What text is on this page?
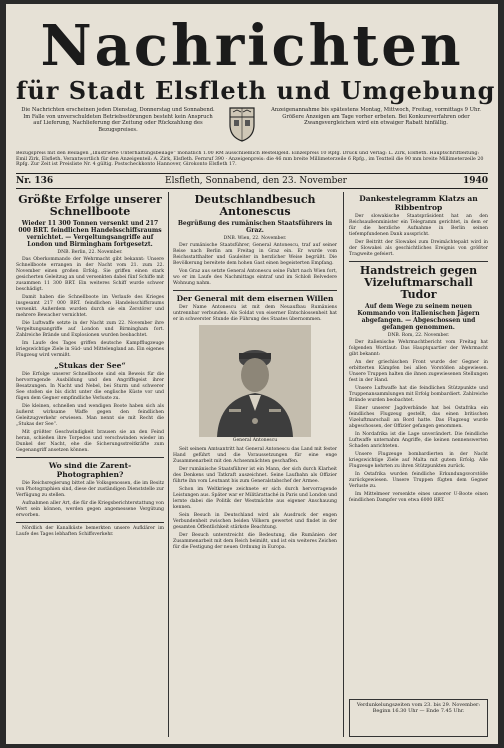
Nachrichten
für Stadt Elsfleth und Umgebung
Die Nachrichten erscheinen jeden Dienstag, Donnerstag und Sonnabend. Im Falle von unverschuldeten Betriebsstörungen besteht kein Anspruch auf Lieferung, Nachlieferung der Zeitung oder Rückzahlung des Bezugspreises.
Anzeigenannahme bis spätestens Montag, Mittwoch, Freitag, vormittags 9 Uhr. Größere Anzeigen am Tage vorher erbeten. Bei Konkursverfahren oder Zwangsvergleichen wird ein etwaiger Rabatt hinfällig.
Bezugspreis mit den Beilagen „Illustrierte Unterhaltungsbeilage“ monatlich 1.00 RM ausschließlich Bestellgeld. Einzelpreis 10 Rpfg. Druck und Verlag: L. Zirk, Elsfleth. Hauptschriftleitung: Emil Zirk, Elsfleth. Verantwortlich für den Anzeigenteil: A. Zirk, Elsfleth. Fernruf 390 · Anzeigenpreis: die 46 mm breite Millimeterzeile 6 Rpfg., im Textteil die 90 mm breite Millimeterzeile 20 Rpfg. Zur Zeit ist Preisliste Nr. 4 gültig. Postscheckkonto Hannover, Girokonto Elsfleth 17.
Nr. 136	Elsfleth, Sonnabend, den 23. November	1940
Größte Erfolge unserer Schnellboote
Wieder 11 300 Tonnen versenkt und 217 000 BRT. feindlichen Handelsschiffsraums vernichtet. — Vergeltungsangriffe auf London und Birmingham fortgesetzt.
DNB. Berlin, 22. November.

Das Oberkommando der Wehrmacht gibt bekannt: Unsere Schnellboote errangen in der Nacht vom 21. zum 22. November einen großen Erfolg. Sie griffen einen stark gesicherten Geleitzug an und versenkten dabei fünf Schiffe mit zusammen 11 300 BRT. Ein weiteres Schiff wurde schwer beschädigt.

Damit haben die Schnellboote im Verlaufe des Krieges insgesamt 217 000 BRT. feindlichen Handelsschiffsraums versenkt. Außerdem wurden durch sie ein Zerstörer und mehrere Bewacher vernichtet.

Die Luftwaffe setzte in der Nacht zum 22. November ihre Vergeltungsangriffe auf London und Birmingham fort. Zahlreiche Brände und Explosionen wurden beobachtet.

Im Laufe des Tages griffen deutsche Kampfflugzeuge kriegswichtige Ziele in Süd- und Mittelengland an. Ein eigenes Flugzeug wird vermißt.

„Stukas der See“

Die Erfolge unserer Schnellboote sind ein Beweis für die hervorragende Ausbildung und den Angriffsgeist ihrer Besatzungen. In Nacht und Nebel, bei Sturm und schwerer See stoßen sie bis dicht unter die englische Küste vor und fügen dem Gegner empfindliche Verluste zu.

Die kleinen, schnellen und wendigen Boote haben sich als äußerst wirksame Waffe gegen den feindlichen Geleitzugverkehr erwiesen. Man nennt sie mit Recht die „Stukas der See“.

Mit größter Geschwindigkeit brausen sie an den Feind heran, schießen ihre Torpedos und verschwinden wieder im Dunkel der Nacht, ehe die Sicherungsstreitkräfte zum Gegenangriff ansetzen können.

Wo sind die Zarent-Photographien?

Die Reichsregierung bittet alle Volksgenossen, die im Besitz von Photographien sind, diese der zuständigen Dienststelle zur Verfügung zu stellen.

Aufnahmen aller Art, die für die Kriegsberichterstattung von Wert sein können, werden gegen angemessene Vergütung erworben.

Nördlich der Kanalküste bemerkten unsere Aufklärer im Laufe des Tages lebhaften Schiffsverkehr.

Deutschlandbesuch Antonescus
Begrüßung des rumänischen Staatsführers in Graz.
DNB. Wien, 22. November.

Der rumänische Staatsführer, General Antonescu, traf auf seiner Reise nach Berlin am Freitag in Graz ein. Er wurde vom Reichsstatthalter und Gauleiter in herzlicher Weise begrüßt. Die Bevölkerung bereitete dem hohen Gast einen begeisterten Empfang.

Von Graz aus setzte General Antonescu seine Fahrt nach Wien fort, wo er im Laufe des Nachmittags eintraf und im Schloß Belvedere Wohnung nahm.

Der General mit dem eisernen Willen

Der Name Antonescu ist mit dem Neuaufbau Rumäniens untrennbar verbunden. Als Soldat von eiserner Entschlossenheit hat er in schwerster Stunde die Führung des Staates übernommen.

General Antonescu

Seit seinem Amtsantritt hat General Antonescu das Land mit fester Hand geführt und die Voraussetzungen für eine enge Zusammenarbeit mit den Achsenmächten geschaffen.

Der rumänische Staatsführer ist ein Mann, der sich durch Klarheit des Denkens und Tatkraft auszeichnet. Seine Laufbahn als Offizier führte ihn vom Leutnant bis zum Generalstabschef der Armee.

Schon im Weltkriege zeichnete er sich durch hervorragende Leistungen aus. Später war er Militärattaché in Paris und London und lernte dabei die Politik der Westmächte aus eigener Anschauung kennen.

Sein Besuch in Deutschland wird als Ausdruck der engen Verbundenheit zwischen beiden Völkern gewertet und findet in der gesamten Öffentlichkeit stärkste Beachtung.

Der Besuch unterstreicht die Bedeutung, die Rumänien der Zusammenarbeit mit dem Reich beimißt, und ist ein weiteres Zeichen für die Festigung der neuen Ordnung in Europa.

Dankestelegramm Klatzs an Ribbentrop

Der slowakische Staatspräsident hat an den Reichsaußenminister ein Telegramm gerichtet, in dem er für die herzliche Aufnahme in Berlin seinen tiefempfundenen Dank ausspricht.

Der Beitritt der Slowakei zum Dreimächtepakt wird in der Slowakei als geschichtliches Ereignis von größter Tragweite gefeiert.

Handstreich gegen Vizeluftmarschall Tudor
Auf dem Wege zu seinem neuen Kommando von italienischen Jägern abgefangen. — Abgeschossen und gefangen genommen.
DNB. Rom, 22. November.

Der italienische Wehrmachtbericht vom Freitag hat folgenden Wortlaut: Das Hauptquartier der Wehrmacht gibt bekannt:

An der griechischen Front wurde der Gegner in erbitterten Kämpfen bei allen Vorstößen abgewiesen. Unsere Truppen halten die ihnen zugewiesenen Stellungen fest in der Hand.

Unsere Luftwaffe hat die feindlichen Stützpunkte und Truppenansammlungen mit Erfolg bombardiert. Zahlreiche Brände wurden beobachtet.

Einer unserer Jagdverbände hat bei Ostafrika ein feindliches Flugzeug gestellt, das einen britischen Vizeluftmarschall an Bord hatte. Das Flugzeug wurde abgeschossen, der Offizier gefangen genommen.

In Nordafrika ist die Lage unverändert. Die feindliche Luftwaffe unternahm Angriffe, die keinen nennenswerten Schaden anrichteten.

Unsere Flugzeuge bombardierten in der Nacht kriegswichtige Ziele auf Malta mit gutem Erfolg. Alle Flugzeuge kehrten zu ihren Stützpunkten zurück.

In Ostafrika wurden feindliche Erkundungsvorstöße zurückgewiesen. Unsere Truppen fügten dem Gegner Verluste zu.

Im Mittelmeer versenkte eines unserer U-Boote einen feindlichen Dampfer von etwa 6000 BRT.

Verdunkelungszeiten vom 23. bis 29. November: Beginn 16.30 Uhr — Ende 7.45 Uhr.
